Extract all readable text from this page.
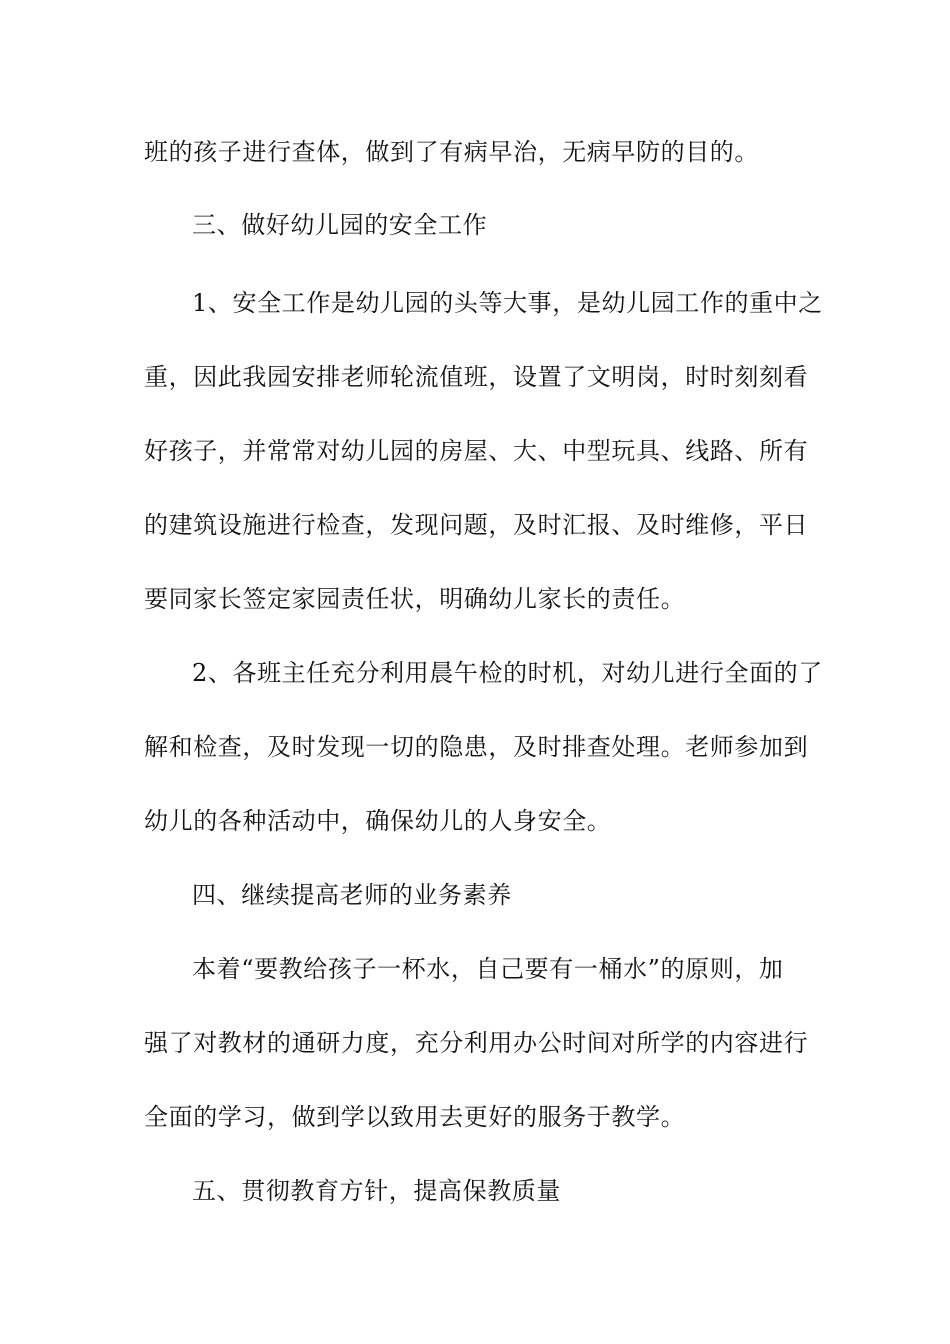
班的孩子进行查体，做到了有病早治，无病早防的目的。
三、做好幼儿园的安全工作
1、安全工作是幼儿园的头等大事，是幼儿园工作的重中之
重，因此我园安排老师轮流值班，设置了文明岗，时时刻刻看
好孩子，并常常对幼儿园的房屋、大、中型玩具、线路、所有
的建筑设施进行检查，发现问题，及时汇报、及时维修，平日
要同家长签定家园责任状，明确幼儿家长的责任。
2、各班主任充分利用晨午检的时机，对幼儿进行全面的了
解和检查，及时发现一切的隐患，及时排查处理。老师参加到
幼儿的各种活动中，确保幼儿的人身安全。
四、继续提高老师的业务素养
本着“要教给孩子一杯水，自己要有一桶水”的原则，加
强了对教材的通研力度，充分利用办公时间对所学的内容进行
全面的学习，做到学以致用去更好的服务于教学。
五、贯彻教育方针，提高保教质量
